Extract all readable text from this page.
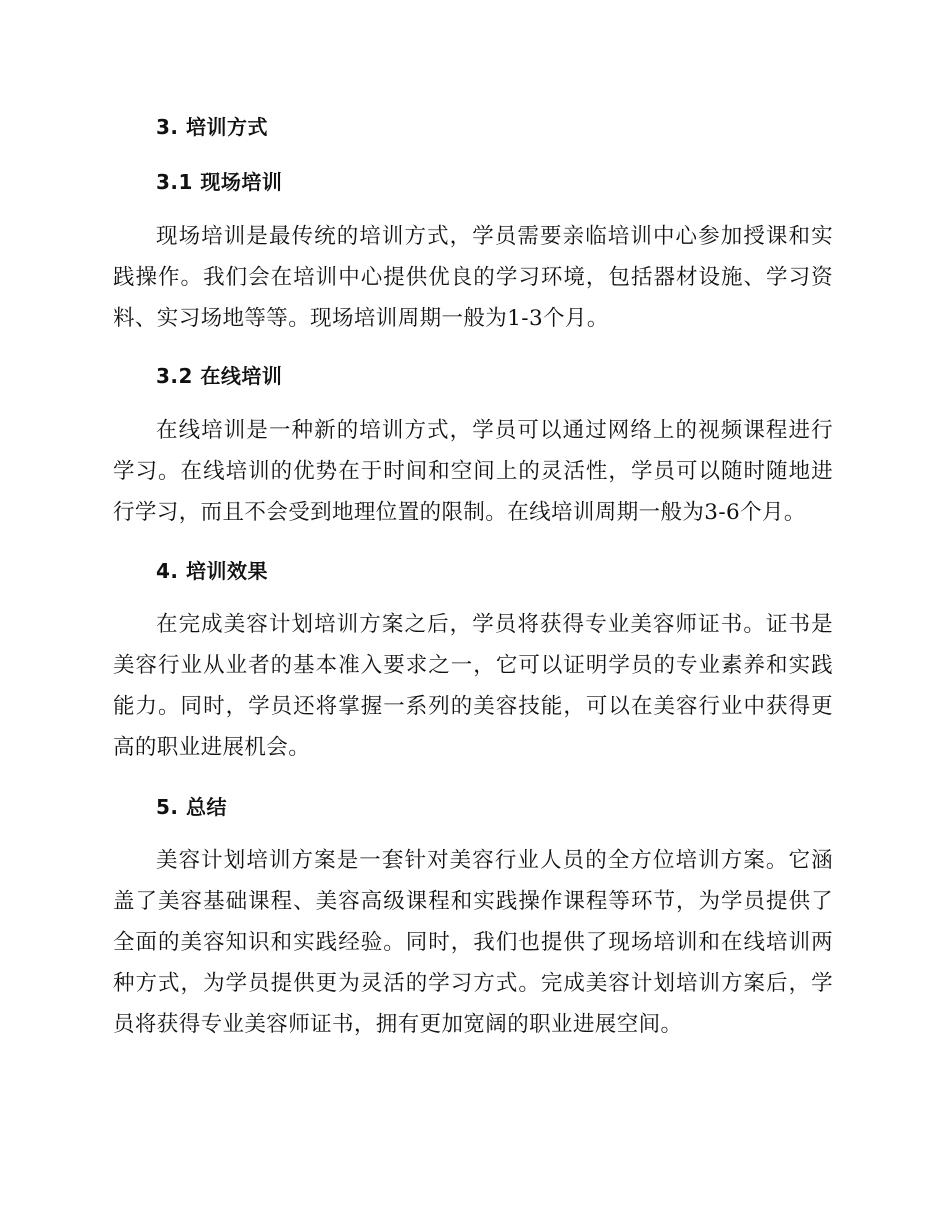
3. 培训方式
3.1 现场培训
现场培训是最传统的培训方式，学员需要亲临培训中心参加授课和实践操作。我们会在培训中心提供优良的学习环境，包括器材设施、学习资料、实习场地等等。现场培训周期一般为1-3个月。
3.2 在线培训
在线培训是一种新的培训方式，学员可以通过网络上的视频课程进行学习。在线培训的优势在于时间和空间上的灵活性，学员可以随时随地进行学习，而且不会受到地理位置的限制。在线培训周期一般为3-6个月。
4. 培训效果
在完成美容计划培训方案之后，学员将获得专业美容师证书。证书是美容行业从业者的基本准入要求之一，它可以证明学员的专业素养和实践能力。同时，学员还将掌握一系列的美容技能，可以在美容行业中获得更高的职业进展机会。
5. 总结
美容计划培训方案是一套针对美容行业人员的全方位培训方案。它涵盖了美容基础课程、美容高级课程和实践操作课程等环节，为学员提供了全面的美容知识和实践经验。同时，我们也提供了现场培训和在线培训两种方式，为学员提供更为灵活的学习方式。完成美容计划培训方案后，学员将获得专业美容师证书，拥有更加宽阔的职业进展空间。
